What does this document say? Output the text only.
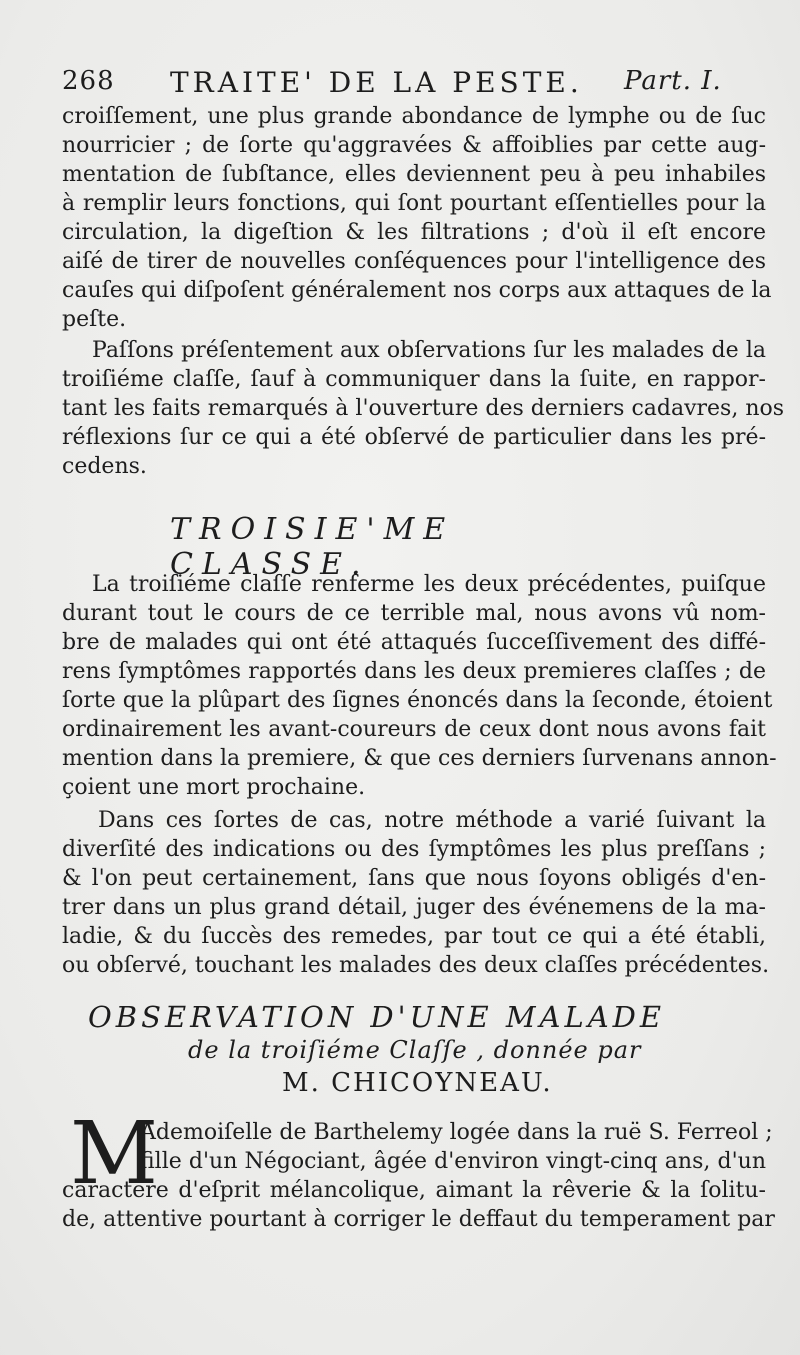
268 TRAITE' DE LA PESTE. Part. I.
croiſſement, une plus grande abondance de lymphe ou de ſuc
nourricier ; de ſorte qu'aggravées & affoiblies par cette aug-
mentation de ſubſtance, elles deviennent peu à peu inhabiles
à remplir leurs fonctions, qui ſont pourtant eſſentielles pour la
circulation, la digeſtion & les filtrations ; d'où il eſt encore
aiſé de tirer de nouvelles conſéquences pour l'intelligence des
cauſes qui diſpoſent généralement nos corps aux attaques de la
peſte.
Paſſons préſentement aux obſervations ſur les malades de la
troiſiéme claſſe, ſauf à communiquer dans la ſuite, en rappor-
tant les faits remarqués à l'ouverture des derniers cadavres, nos
réflexions ſur ce qui a été obſervé de particulier dans les pré-
cedens.
TROISIE'ME CLASSE.
La troiſiéme claſſe renferme les deux précédentes, puiſque
durant tout le cours de ce terrible mal, nous avons vû nom-
bre de malades qui ont été attaqués ſucceſſivement des diffé-
rens ſymptômes rapportés dans les deux premieres claſſes ; de
ſorte que la plûpart des ſignes énoncés dans la ſeconde, étoient
ordinairement les avant-coureurs de ceux dont nous avons fait
mention dans la premiere, & que ces derniers ſurvenans annon-
çoient une mort prochaine.
Dans ces ſortes de cas, notre méthode a varié ſuivant la
diverſité des indications ou des ſymptômes les plus preſſans ;
& l'on peut certainement, ſans que nous ſoyons obligés d'en-
trer dans un plus grand détail, juger des événemens de la ma-
ladie, & du ſuccès des remedes, par tout ce qui a été établi,
ou obſervé, touchant les malades des deux claſſes précédentes.
OBSERVATION D'UNE MALADE
de la troiſiéme Claſſe , donnée par
M. CHICOYNEAU.
M
Ademoiſelle de Barthelemy logée dans la ruë S. Ferreol ;
fille d'un Négociant, âgée d'environ vingt-cinq ans, d'un
caractere d'eſprit mélancolique, aimant la rêverie & la ſolitu-
de, attentive pourtant à corriger le deffaut du temperament par
